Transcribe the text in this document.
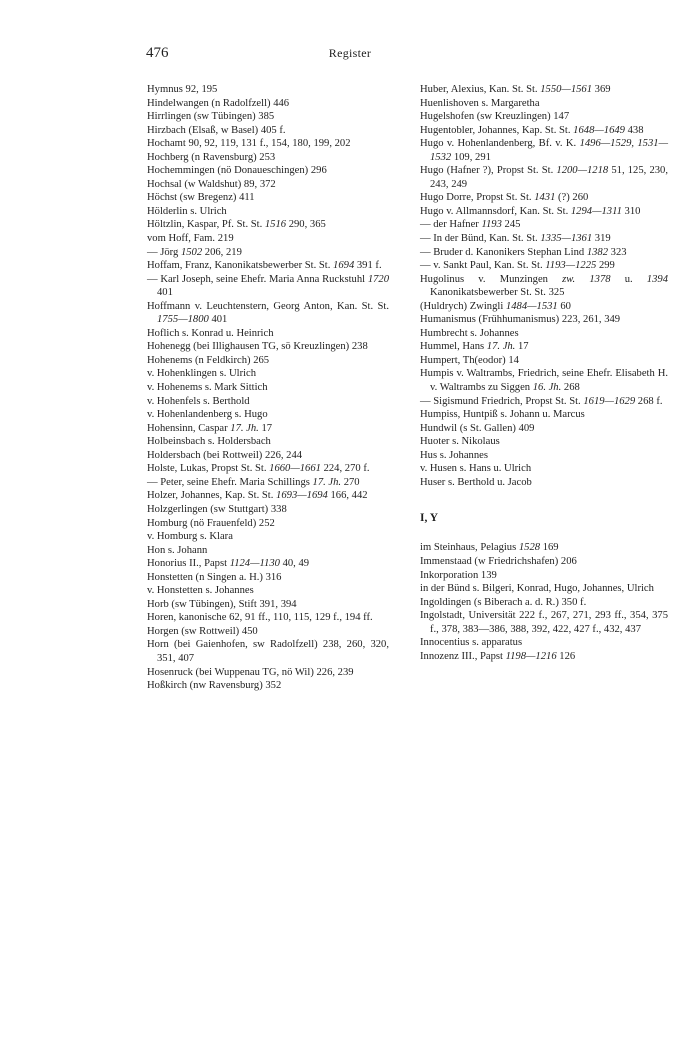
476	Register
Hymnus 92, 195
Hindelwangen (n Radolfzell) 446
Hirrlingen (sw Tübingen) 385
Hirzbach (Elsaß, w Basel) 405 f.
Hochamt 90, 92, 119, 131 f., 154, 180, 199, 202
Hochberg (n Ravensburg) 253
Hochemmingen (nö Donaueschingen) 296
Hochsal (w Waldshut) 89, 372
Höchst (sw Bregenz) 411
Hölderlin s. Ulrich
Höltzlin, Kaspar, Pf. St. St. 1516 290, 365
vom Hoff, Fam. 219
— Jörg 1502 206, 219
Hoffam, Franz, Kanonikatsbewerber St. St. 1694 391 f.
— Karl Joseph, seine Ehefr. Maria Anna Ruckstuhl 1720 401
Hoffmann v. Leuchtenstern, Georg Anton, Kan. St. St. 1755—1800 401
Hoflich s. Konrad u. Heinrich
Hohenegg (bei Illighausen TG, sö Kreuzlingen) 238
Hohenems (n Feldkirch) 265
v. Hohenklingen s. Ulrich
v. Hohenems s. Mark Sittich
v. Hohenfels s. Berthold
v. Hohenlandenberg s. Hugo
Hohensinn, Caspar 17. Jh. 17
Holbeinsbach s. Holdersbach
Holdersbach (bei Rottweil) 226, 244
Holste, Lukas, Propst St. St. 1660—1661 224, 270 f.
— Peter, seine Ehefr. Maria Schillings 17. Jh. 270
Holzer, Johannes, Kap. St. St. 1693—1694 166, 442
Holzgerlingen (sw Stuttgart) 338
Homburg (nö Frauenfeld) 252
v. Homburg s. Klara
Hon s. Johann
Honorius II., Papst 1124—1130 40, 49
Honstetten (n Singen a. H.) 316
v. Honstetten s. Johannes
Horb (sw Tübingen), Stift 391, 394
Horen, kanonische 62, 91 ff., 110, 115, 129 f., 194 ff.
Horgen (sw Rottweil) 450
Horn (bei Gaienhofen, sw Radolfzell) 238, 260, 320, 351, 407
Hosenruck (bei Wuppenau TG, nö Wil) 226, 239
Hoßkirch (nw Ravensburg) 352
Huber, Alexius, Kan. St. St. 1550—1561 369
Huenlishoven s. Margaretha
Hugelshofen (sw Kreuzlingen) 147
Hugentobler, Johannes, Kap. St. St. 1648—1649 438
Hugo v. Hohenlandenberg, Bf. v. K. 1496—1529, 1531—1532 109, 291
Hugo (Hafner ?), Propst St. St. 1200—1218 51, 125, 230, 243, 249
Hugo Dorre, Propst St. St. 1431 (?) 260
Hugo v. Allmannsdorf, Kan. St. St. 1294—1311 310
— der Hafner 1193 245
— In der Bünd, Kan. St. St. 1335—1361 319
— Bruder d. Kanonikers Stephan Lind 1382 323
— v. Sankt Paul, Kan. St. St. 1193—1225 299
Hugolinus v. Munzingen zw. 1378 u. 1394 Kanonikatsbewerber St. St. 325
(Huldrych) Zwingli 1484—1531 60
Humanismus (Frühhumanismus) 223, 261, 349
Humbrecht s. Johannes
Hummel, Hans 17. Jh. 17
Humpert, Th(eodor) 14
Humpis v. Waltrambs, Friedrich, seine Ehefr. Elisabeth H. v. Waltrambs zu Siggen 16. Jh. 268
— Sigismund Friedrich, Propst St. St. 1619—1629 268 f.
Humpiss, Huntpiß s. Johann u. Marcus
Hundwil (s St. Gallen) 409
Huoter s. Nikolaus
Hus s. Johannes
v. Husen s. Hans u. Ulrich
Huser s. Berthold u. Jacob
I, Y
im Steinhaus, Pelagius 1528 169
Immenstaad (w Friedrichshafen) 206
Inkorporation 139
in der Bünd s. Bilgeri, Konrad, Hugo, Johannes, Ulrich
Ingoldingen (s Biberach a. d. R.) 350 f.
Ingolstadt, Universität 222 f., 267, 271, 293 ff., 354, 375 f., 378, 383—386, 388, 392, 422, 427 f., 432, 437
Innocentius s. apparatus
Innozenz III., Papst 1198—1216 126
